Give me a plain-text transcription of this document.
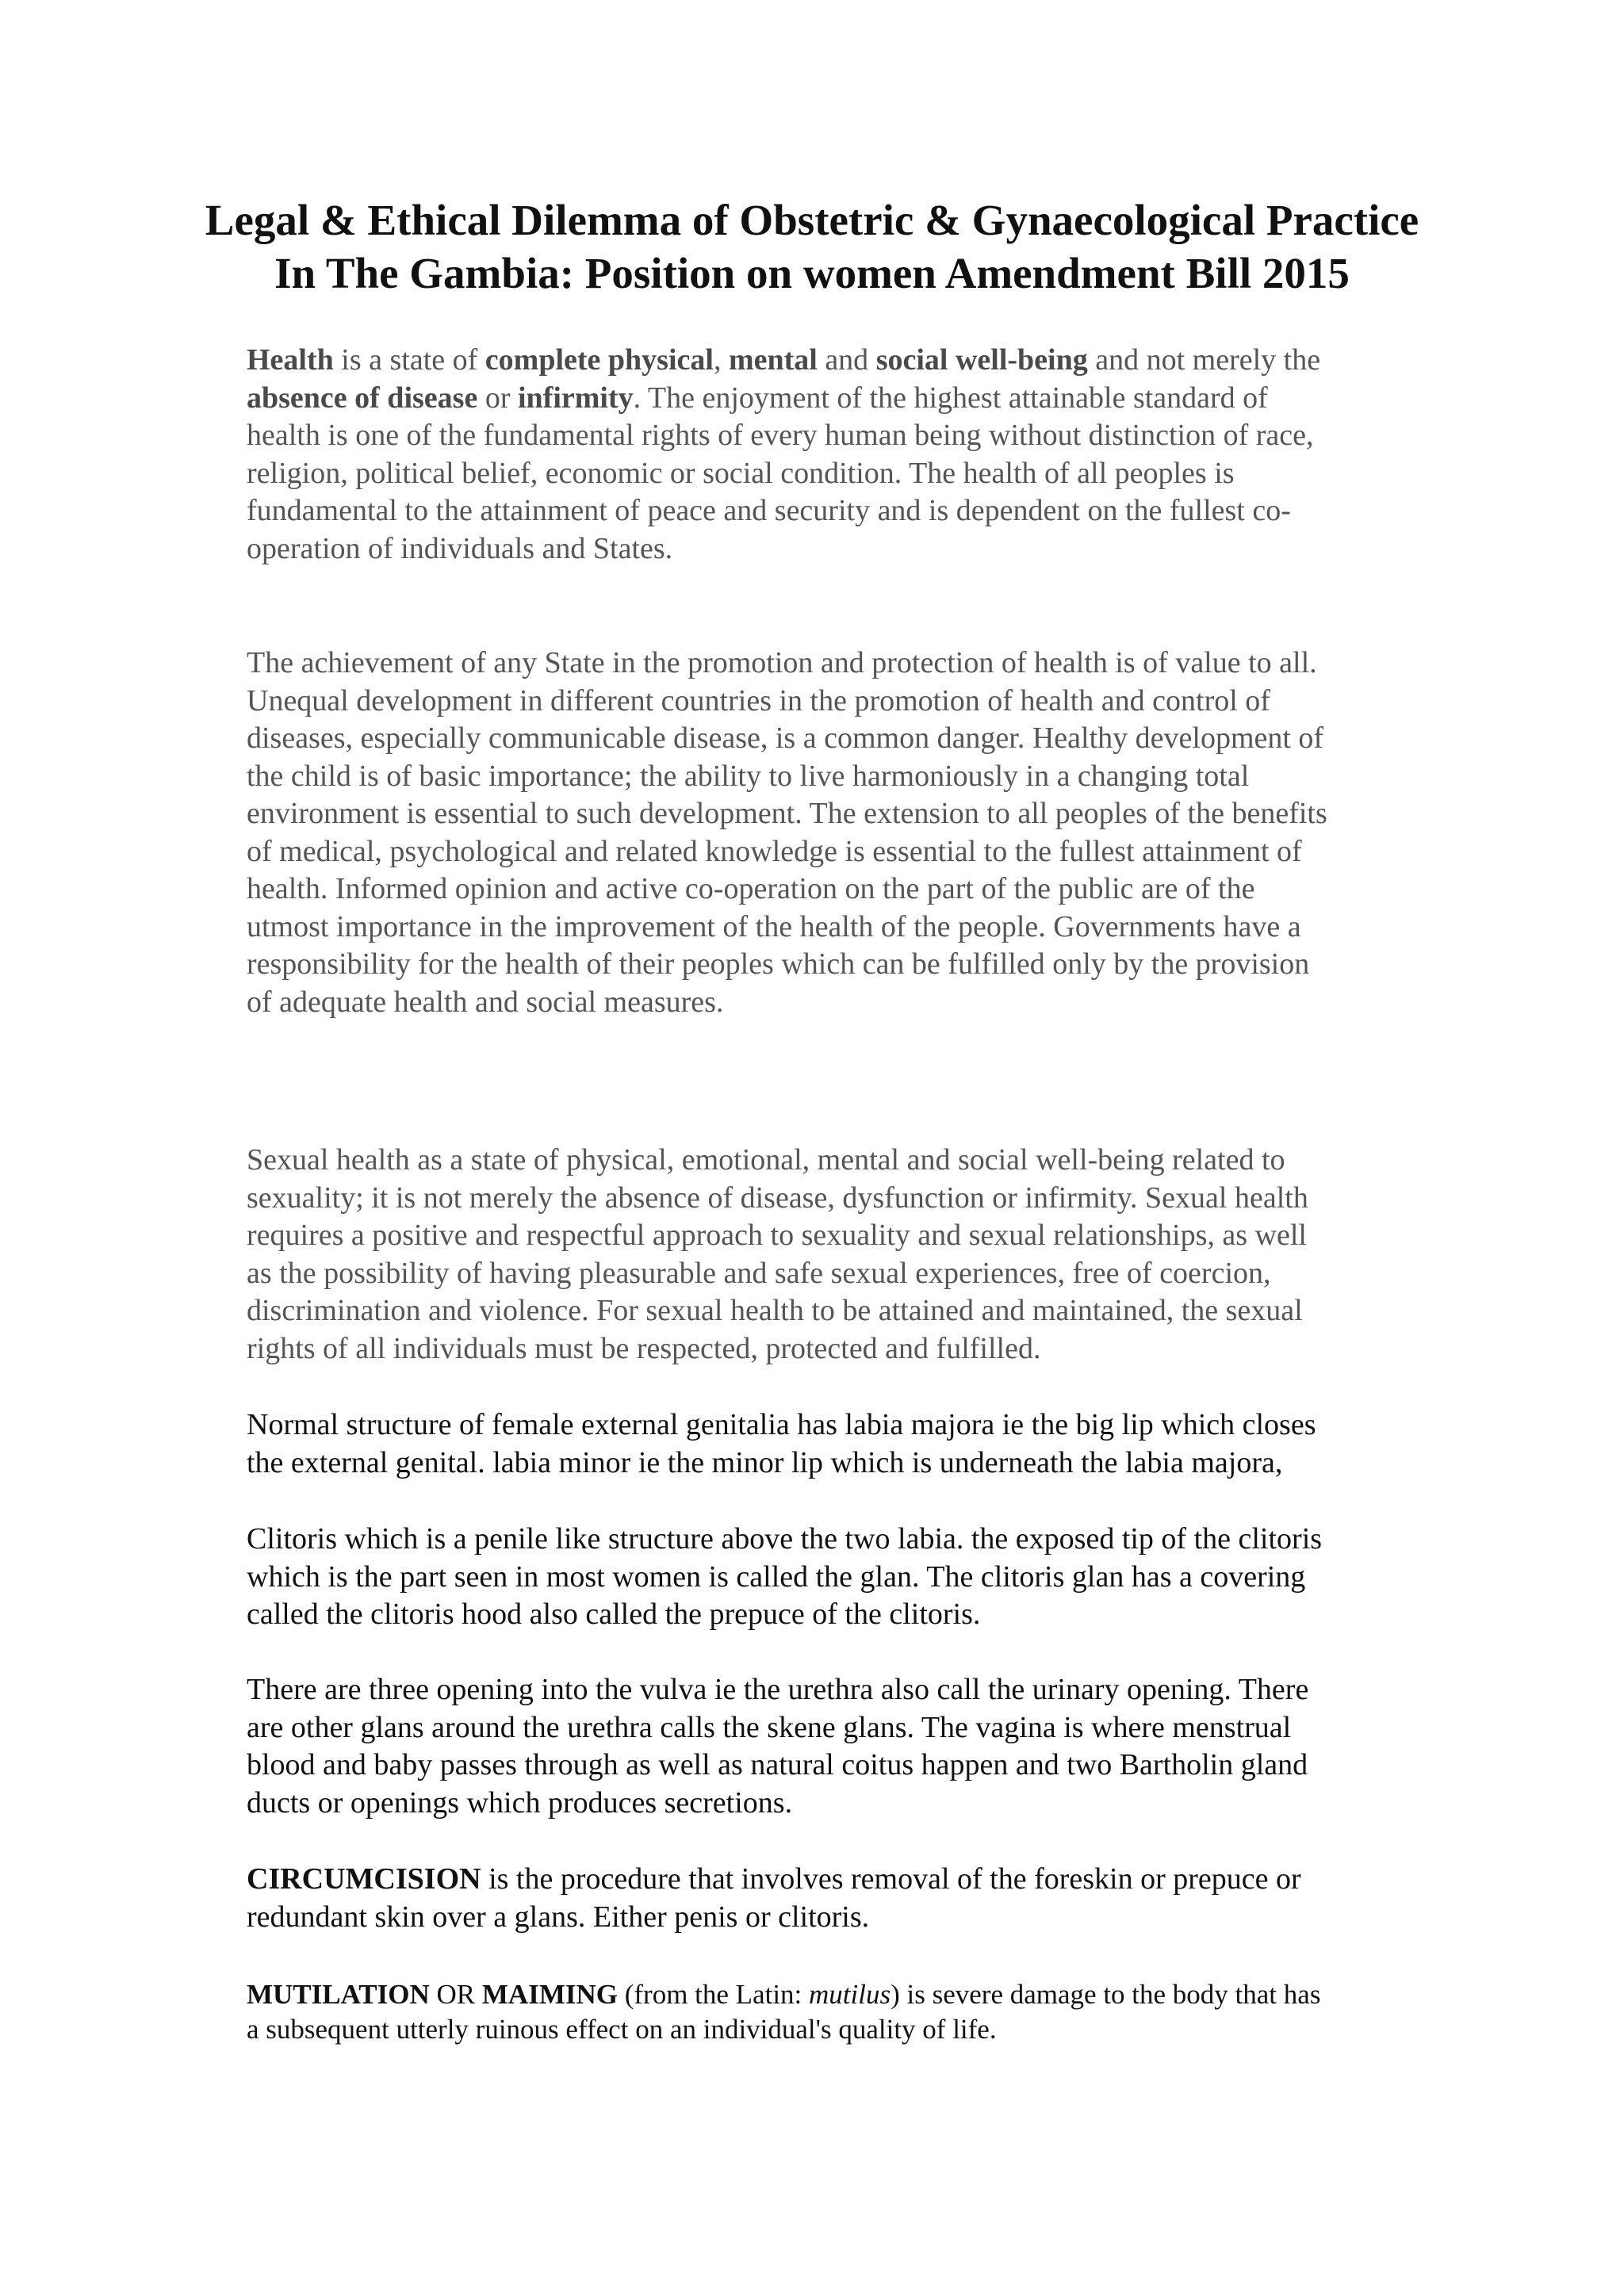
Legal & Ethical Dilemma of Obstetric & Gynaecological Practice
In The Gambia: Position on women Amendment Bill 2015
Health is a state of complete physical, mental and social well-being and not merely the
absence of disease or infirmity. The enjoyment of the highest attainable standard of
health is one of the fundamental rights of every human being without distinction of race,
religion, political belief, economic or social condition. The health of all peoples is
fundamental to the attainment of peace and security and is dependent on the fullest co-
operation of individuals and States.
The achievement of any State in the promotion and protection of health is of value to all.
Unequal development in different countries in the promotion of health and control of
diseases, especially communicable disease, is a common danger. Healthy development of
the child is of basic importance; the ability to live harmoniously in a changing total
environment is essential to such development. The extension to all peoples of the benefits
of medical, psychological and related knowledge is essential to the fullest attainment of
health. Informed opinion and active co-operation on the part of the public are of the
utmost importance in the improvement of the health of the people. Governments have a
responsibility for the health of their peoples which can be fulfilled only by the provision
of adequate health and social measures.
Sexual health as a state of physical, emotional, mental and social well-being related to
sexuality; it is not merely the absence of disease, dysfunction or infirmity. Sexual health
requires a positive and respectful approach to sexuality and sexual relationships, as well
as the possibility of having pleasurable and safe sexual experiences, free of coercion,
discrimination and violence. For sexual health to be attained and maintained, the sexual
rights of all individuals must be respected, protected and fulfilled.
Normal structure of female external genitalia has labia majora ie the big lip which closes
the external genital. labia minor ie the minor lip which is underneath the labia majora,
Clitoris which is a penile like structure above the two labia. the exposed tip of the clitoris
which is the part seen in most women is called the glan. The clitoris glan has a covering
called the clitoris hood also called the prepuce of the clitoris.
There are three opening into the vulva ie the urethra also call the urinary opening. There
are other glans around the urethra calls the skene glans. The vagina is where menstrual
blood and baby passes through as well as natural coitus happen and two Bartholin gland
ducts or openings which produces secretions.
CIRCUMCISION is the procedure that involves removal of the foreskin or prepuce or
redundant skin over a glans. Either penis or clitoris.
MUTILATION OR MAIMING (from the Latin: mutilus) is severe damage to the body that has
a subsequent utterly ruinous effect on an individual's quality of life.
